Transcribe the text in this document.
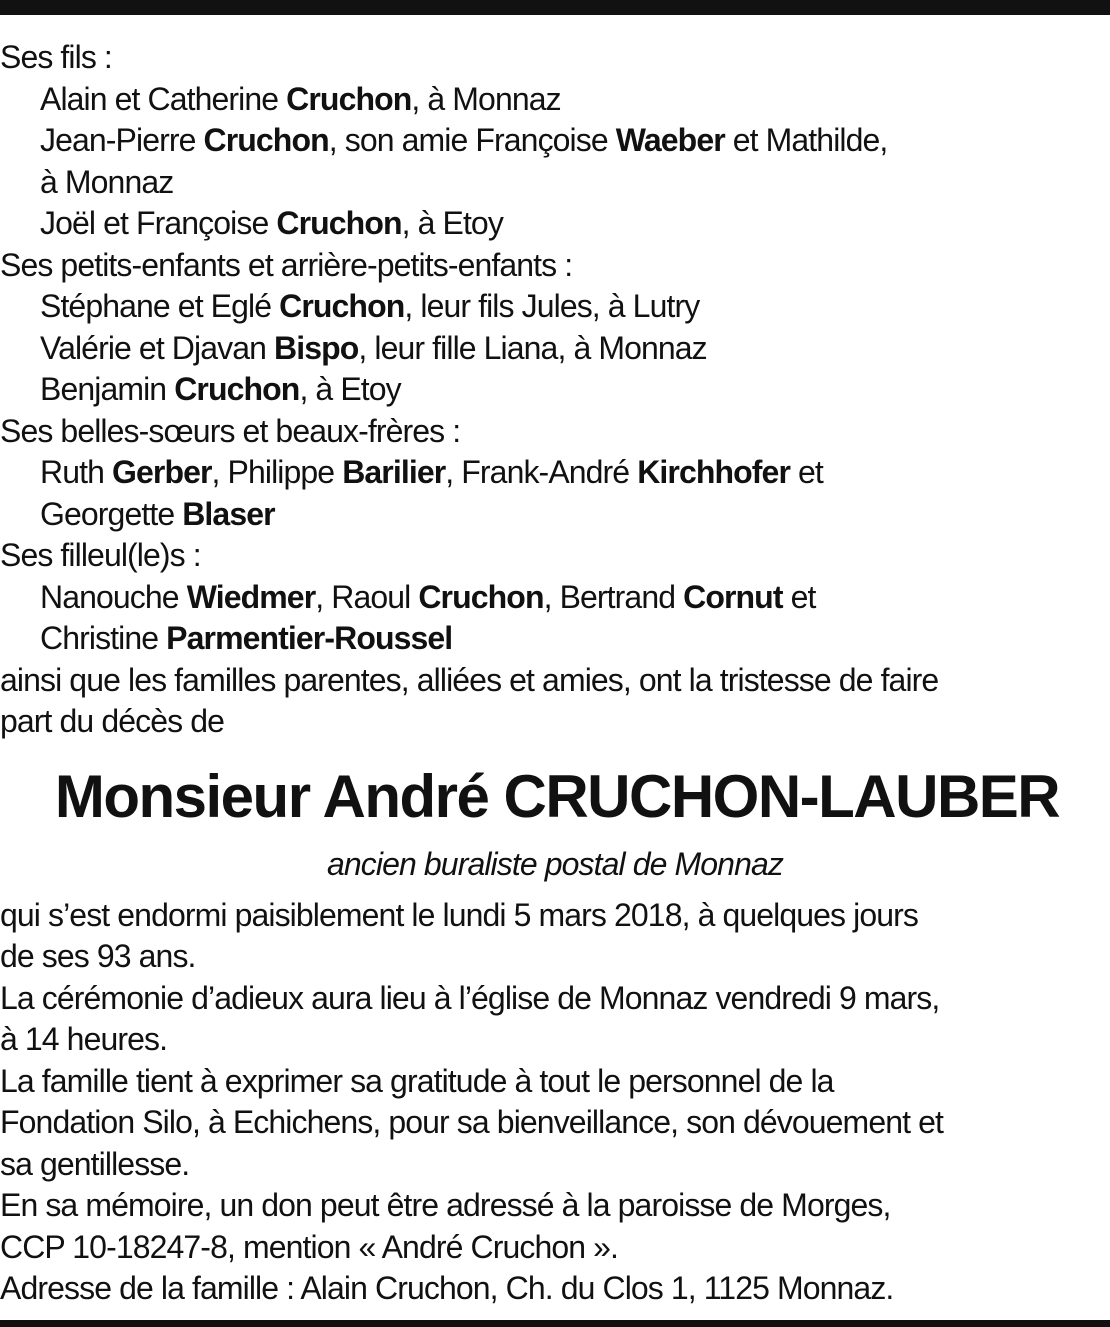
Ses fils :
Alain et Catherine Cruchon, à Monnaz
Jean-Pierre Cruchon, son amie Françoise Waeber et Mathilde,
à Monnaz
Joël et Françoise Cruchon, à Etoy
Ses petits-enfants et arrière-petits-enfants :
Stéphane et Eglé Cruchon, leur fils Jules, à Lutry
Valérie et Djavan Bispo, leur fille Liana, à Monnaz
Benjamin Cruchon, à Etoy
Ses belles-sœurs et beaux-frères :
Ruth Gerber, Philippe Barilier, Frank-André Kirchhofer et
Georgette Blaser
Ses filleul(le)s :
Nanouche Wiedmer, Raoul Cruchon, Bertrand Cornut et
Christine Parmentier-Roussel
ainsi que les familles parentes, alliées et amies, ont la tristesse de faire
part du décès de
Monsieur André CRUCHON-LAUBER
ancien buraliste postal de Monnaz
qui s’est endormi paisiblement le lundi 5 mars 2018, à quelques jours
de ses 93 ans.
La cérémonie d’adieux aura lieu à l’église de Monnaz vendredi 9 mars,
à 14 heures.
La famille tient à exprimer sa gratitude à tout le personnel de la
Fondation Silo, à Echichens, pour sa bienveillance, son dévouement et
sa gentillesse.
En sa mémoire, un don peut être adressé à la paroisse de Morges,
CCP 10-18247-8, mention « André Cruchon ».
Adresse de la famille : Alain Cruchon, Ch. du Clos 1, 1125 Monnaz.
